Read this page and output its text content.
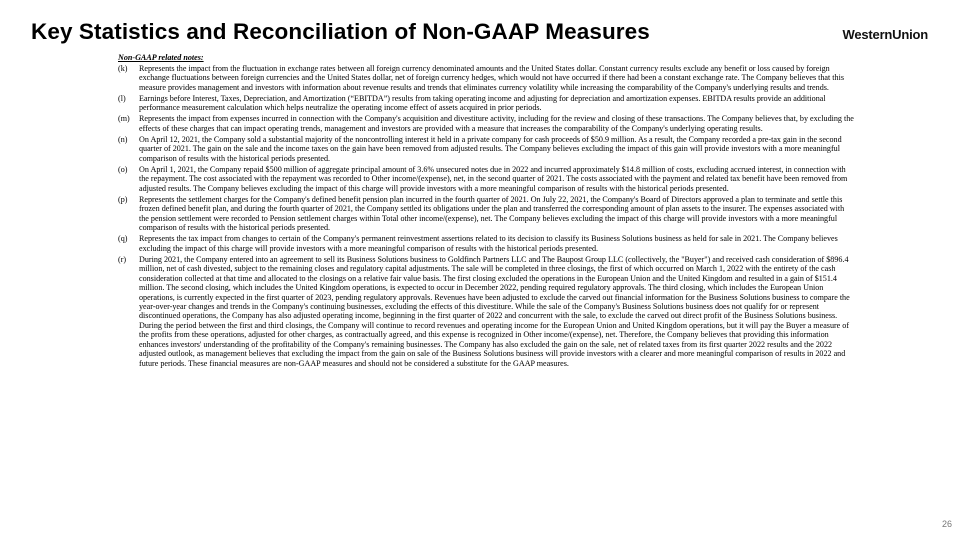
Key Statistics and Reconciliation of Non-GAAP Measures	WesternUnion
Non-GAAP related notes:
(k)	Represents the impact from the fluctuation in exchange rates between all foreign currency denominated amounts and the United States dollar. Constant currency results exclude any benefit or loss caused by foreign exchange fluctuations between foreign currencies and the United States dollar, net of foreign currency hedges, which would not have occurred if there had been a constant exchange rate. The Company believes that this measure provides management and investors with information about revenue results and trends that eliminates currency volatility while increasing the comparability of the Company's underlying results and trends.
(l)	Earnings before Interest, Taxes, Depreciation, and Amortization (“EBITDA”) results from taking operating income and adjusting for depreciation and amortization expenses. EBITDA results provide an additional performance measurement calculation which helps neutralize the operating income effect of assets acquired in prior periods.
(m)	Represents the impact from expenses incurred in connection with the Company's acquisition and divestiture activity, including for the review and closing of these transactions. The Company believes that, by excluding the effects of these charges that can impact operating trends, management and investors are provided with a measure that increases the comparability of the Company's underlying operating results.
(n)	On April 12, 2021, the Company sold a substantial majority of the noncontrolling interest it held in a private company for cash proceeds of $50.9 million. As a result, the Company recorded a pre-tax gain in the second quarter of 2021. The gain on the sale and the income taxes on the gain have been removed from adjusted results. The Company believes excluding the impact of this gain will provide investors with a more meaningful comparison of results with the historical periods presented.
(o)	On April 1, 2021, the Company repaid $500 million of aggregate principal amount of 3.6% unsecured notes due in 2022 and incurred approximately $14.8 million of costs, excluding accrued interest, in connection with the repayment. The cost associated with the repayment was recorded to Other income/(expense), net, in the second quarter of 2021. The costs associated with the payment and related tax benefit have been removed from adjusted results. The Company believes excluding the impact of this charge will provide investors with a more meaningful comparison of results with the historical periods presented.
(p)	Represents the settlement charges for the Company's defined benefit pension plan incurred in the fourth quarter of 2021. On July 22, 2021, the Company's Board of Directors approved a plan to terminate and settle this frozen defined benefit plan, and during the fourth quarter of 2021, the Company settled its obligations under the plan and transferred the corresponding amount of plan assets to the insurer. The expenses associated with the pension settlement were recorded to Pension settlement charges within Total other income/(expense), net. The Company believes excluding the impact of this charge will provide investors with a more meaningful comparison of results with the historical periods presented.
(q)	Represents the tax impact from changes to certain of the Company's permanent reinvestment assertions related to its decision to classify its Business Solutions business as held for sale in 2021. The Company believes excluding the impact of this charge will provide investors with a more meaningful comparison of results with the historical periods presented.
(r)	During 2021, the Company entered into an agreement to sell its Business Solutions business to Goldfinch Partners LLC and The Baupost Group LLC (collectively, the "Buyer") and received cash consideration of $896.4 million, net of cash divested, subject to the remaining closes and regulatory capital adjustments. The sale will be completed in three closings, the first of which occurred on March 1, 2022 with the entirety of the cash consideration collected at that time and allocated to the closings on a relative fair value basis. The first closing excluded the operations in the European Union and the United Kingdom and resulted in a gain of $151.4 million. The second closing, which includes the United Kingdom operations, is expected to occur in December 2022, pending required regulatory approvals. The third closing, which includes the European Union operations, is currently expected in the first quarter of 2023, pending regulatory approvals. Revenues have been adjusted to exclude the carved out financial information for the Business Solutions business to compare the year-over-year changes and trends in the Company's continuing businesses, excluding the effects of this divestiture. While the sale of the Company's Business Solutions business does not qualify for or represent discontinued operations, the Company has also adjusted operating income, beginning in the first quarter of 2022 and concurrent with the sale, to exclude the carved out direct profit of the Business Solutions business. During the period between the first and third closings, the Company will continue to record revenues and operating income for the European Union and United Kingdom operations, but it will pay the Buyer a measure of the profits from these operations, adjusted for other charges, as contractually agreed, and this expense is recognized in Other income/(expense), net. Therefore, the Company believes that providing this information enhances investors' understanding of the profitability of the Company's remaining businesses. The Company has also excluded the gain on the sale, net of related taxes from its first quarter 2022 results and the 2022 adjusted outlook, as management believes that excluding the impact from the gain on sale of the Business Solutions business will provide investors with a clearer and more meaningful comparison of results in 2022 and future periods. These financial measures are non-GAAP measures and should not be considered a substitute for the GAAP measures.
26
